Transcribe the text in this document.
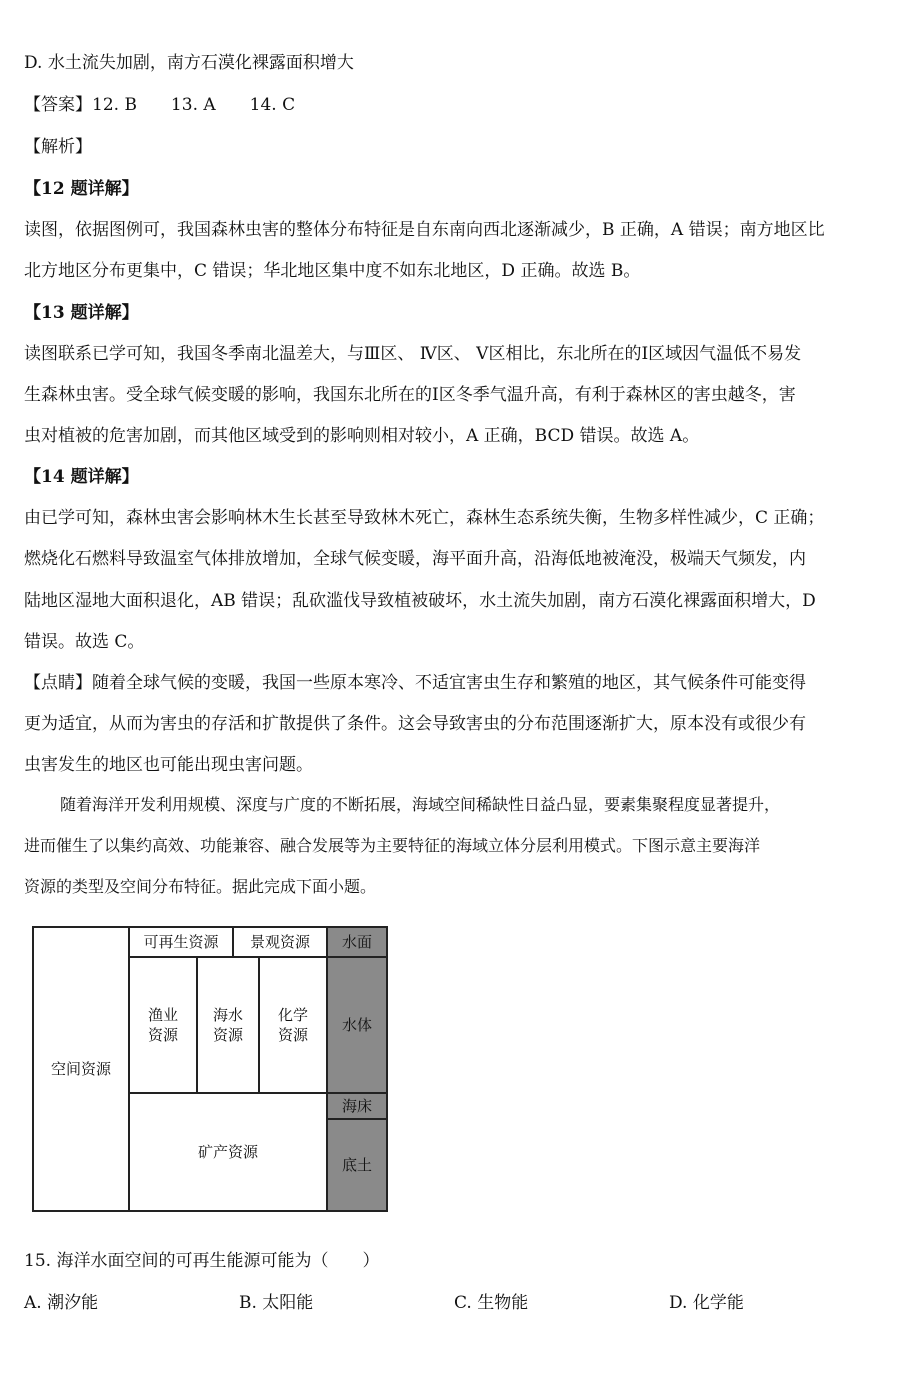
D. 水土流失加剧，南方石漠化裸露面积增大
【答案】12. B　　13. A　　14. C
【解析】
【12 题详解】
读图，依据图例可，我国森林虫害的整体分布特征是自东南向西北逐渐减少，B 正确，A 错误；南方地区比
北方地区分布更集中，C 错误；华北地区集中度不如东北地区，D 正确。故选 B。
【13 题详解】
读图联系已学可知，我国冬季南北温差大，与Ⅲ区、 Ⅳ区、 Ⅴ区相比，东北所在的Ⅰ区域因气温低不易发
生森林虫害。受全球气候变暖的影响，我国东北所在的Ⅰ区冬季气温升高，有利于森林区的害虫越冬，害
虫对植被的危害加剧，而其他区域受到的影响则相对较小，A 正确，BCD 错误。故选 A。
【14 题详解】
由已学可知，森林虫害会影响林木生长甚至导致林木死亡，森林生态系统失衡，生物多样性减少，C 正确；
燃烧化石燃料导致温室气体排放增加，全球气候变暖，海平面升高，沿海低地被淹没，极端天气频发，内
陆地区湿地大面积退化，AB 错误；乱砍滥伐导致植被破坏，水土流失加剧，南方石漠化裸露面积增大，D
错误。故选 C。
【点睛】随着全球气候的变暖，我国一些原本寒冷、不适宜害虫生存和繁殖的地区，其气候条件可能变得
更为适宜，从而为害虫的存活和扩散提供了条件。这会导致害虫的分布范围逐渐扩大，原本没有或很少有
虫害发生的地区也可能出现虫害问题。
随着海洋开发利用规模、深度与广度的不断拓展，海域空间稀缺性日益凸显，要素集聚程度显著提升，
进而催生了以集约高效、功能兼容、融合发展等为主要特征的海域立体分层利用模式。下图示意主要海洋
资源的类型及空间分布特征。据此完成下面小题。
空间资源
可再生资源	景观资源	水面
渔业
资源
海水
资源
化学
资源
水体
矿产资源
海床
底土
15. 海洋水面空间的可再生能源可能为（　　）
A. 潮汐能	B. 太阳能	C. 生物能	D. 化学能
